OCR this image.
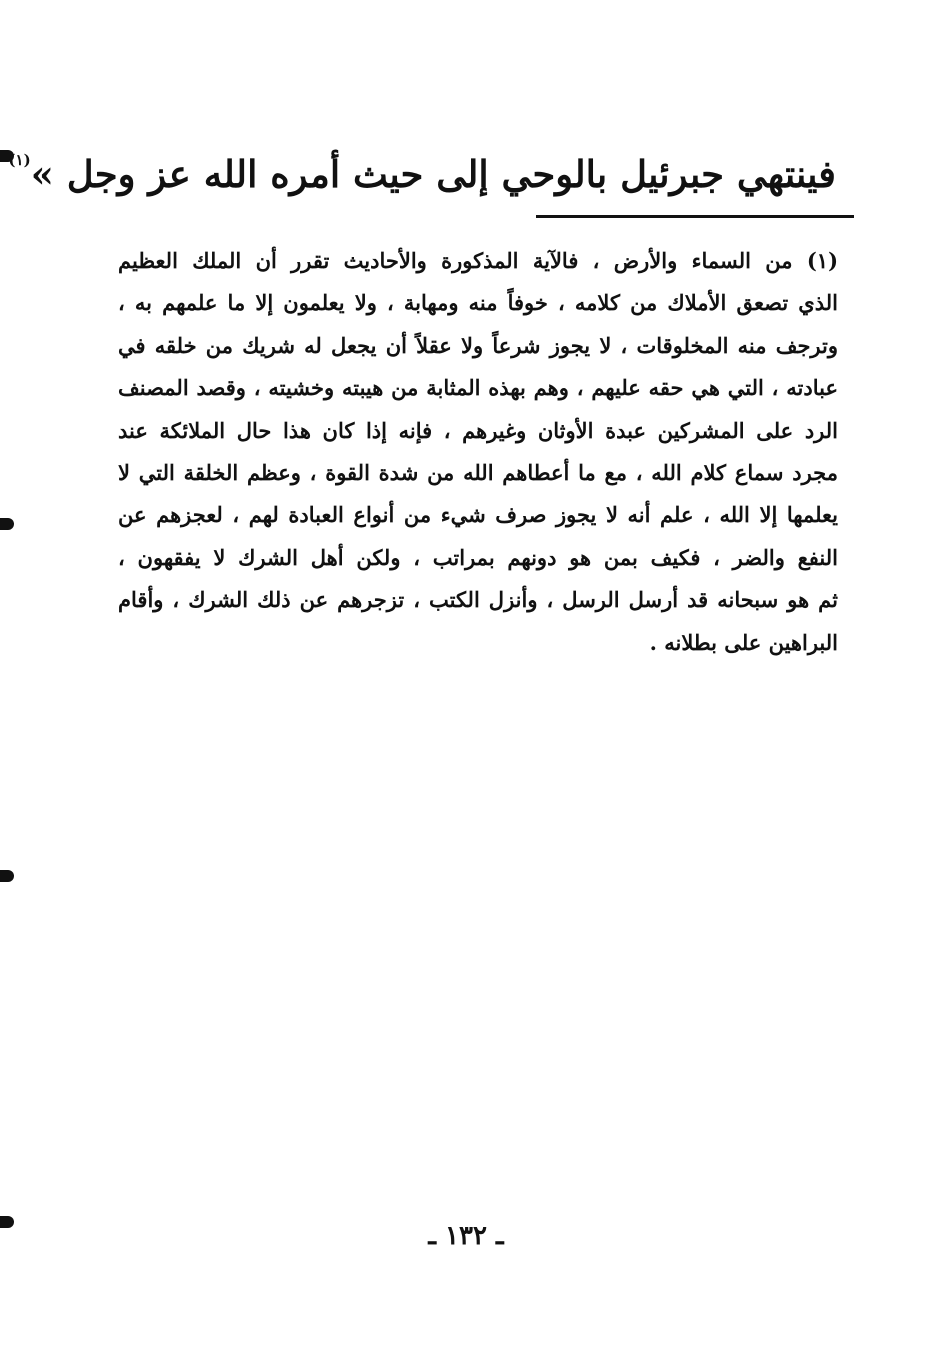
فينتهي جبرئيل بالوحي إلى حيث أمره الله عز وجل »$^{(١)}$
(١) من السماء والأرض ، فالآية المذكورة والأحاديث تقرر أن الملك العظيم
الذي تصعق الأملاك من كلامه ، خوفاً منه ومهابة ، ولا يعلمون إلا ما علمهم به ،
وترجف منه المخلوقات ، لا يجوز شرعاً ولا عقلاً أن يجعل له شريك من خلقه في
عبادته ، التي هي حقه عليهم ، وهم بهذه المثابة من هيبته وخشيته ، وقصد المصنف
الرد على المشركين عبدة الأوثان وغيرهم ، فإنه إذا كان هذا حال الملائكة عند
مجرد سماع كلام الله ، مع ما أعطاهم الله من شدة القوة ، وعظم الخلقة التي لا
يعلمها إلا الله ، علم أنه لا يجوز صرف شيء من أنواع العبادة لهم ، لعجزهم عن
النفع والضر ، فكيف بمن هو دونهم بمراتب ، ولكن أهل الشرك لا يفقهون ،
ثم هو سبحانه قد أرسل الرسل ، وأنزل الكتب ، تزجرهم عن ذلك الشرك ، وأقام
البراهين على بطلانه .
ـ ١٣٢ ـ
